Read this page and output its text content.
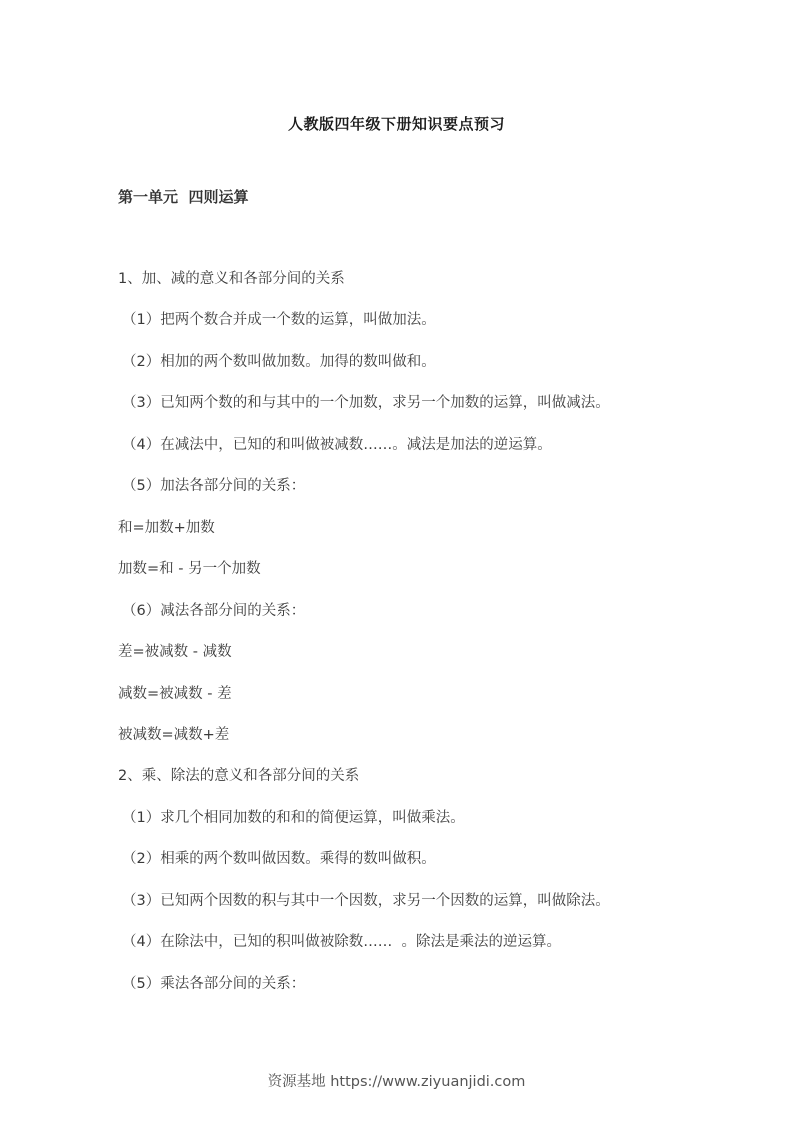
人教版四年级下册知识要点预习
第一单元  四则运算
1、加、减的意义和各部分间的关系
（1）把两个数合并成一个数的运算，叫做加法。
（2）相加的两个数叫做加数。加得的数叫做和。
（3）已知两个数的和与其中的一个加数，求另一个加数的运算，叫做减法。
（4）在减法中，已知的和叫做被减数……。减法是加法的逆运算。
（5）加法各部分间的关系：
和=加数+加数
加数=和 - 另一个加数
（6）减法各部分间的关系：
差=被减数 - 减数
减数=被减数 - 差
被减数=减数+差
2、乘、除法的意义和各部分间的关系
（1）求几个相同加数的和和的简便运算，叫做乘法。
（2）相乘的两个数叫做因数。乘得的数叫做积。
（3）已知两个因数的积与其中一个因数，求另一个因数的运算，叫做除法。
（4）在除法中，已知的积叫做被除数……  。除法是乘法的逆运算。
（5）乘法各部分间的关系：
资源基地 https://www.ziyuanjidi.com
